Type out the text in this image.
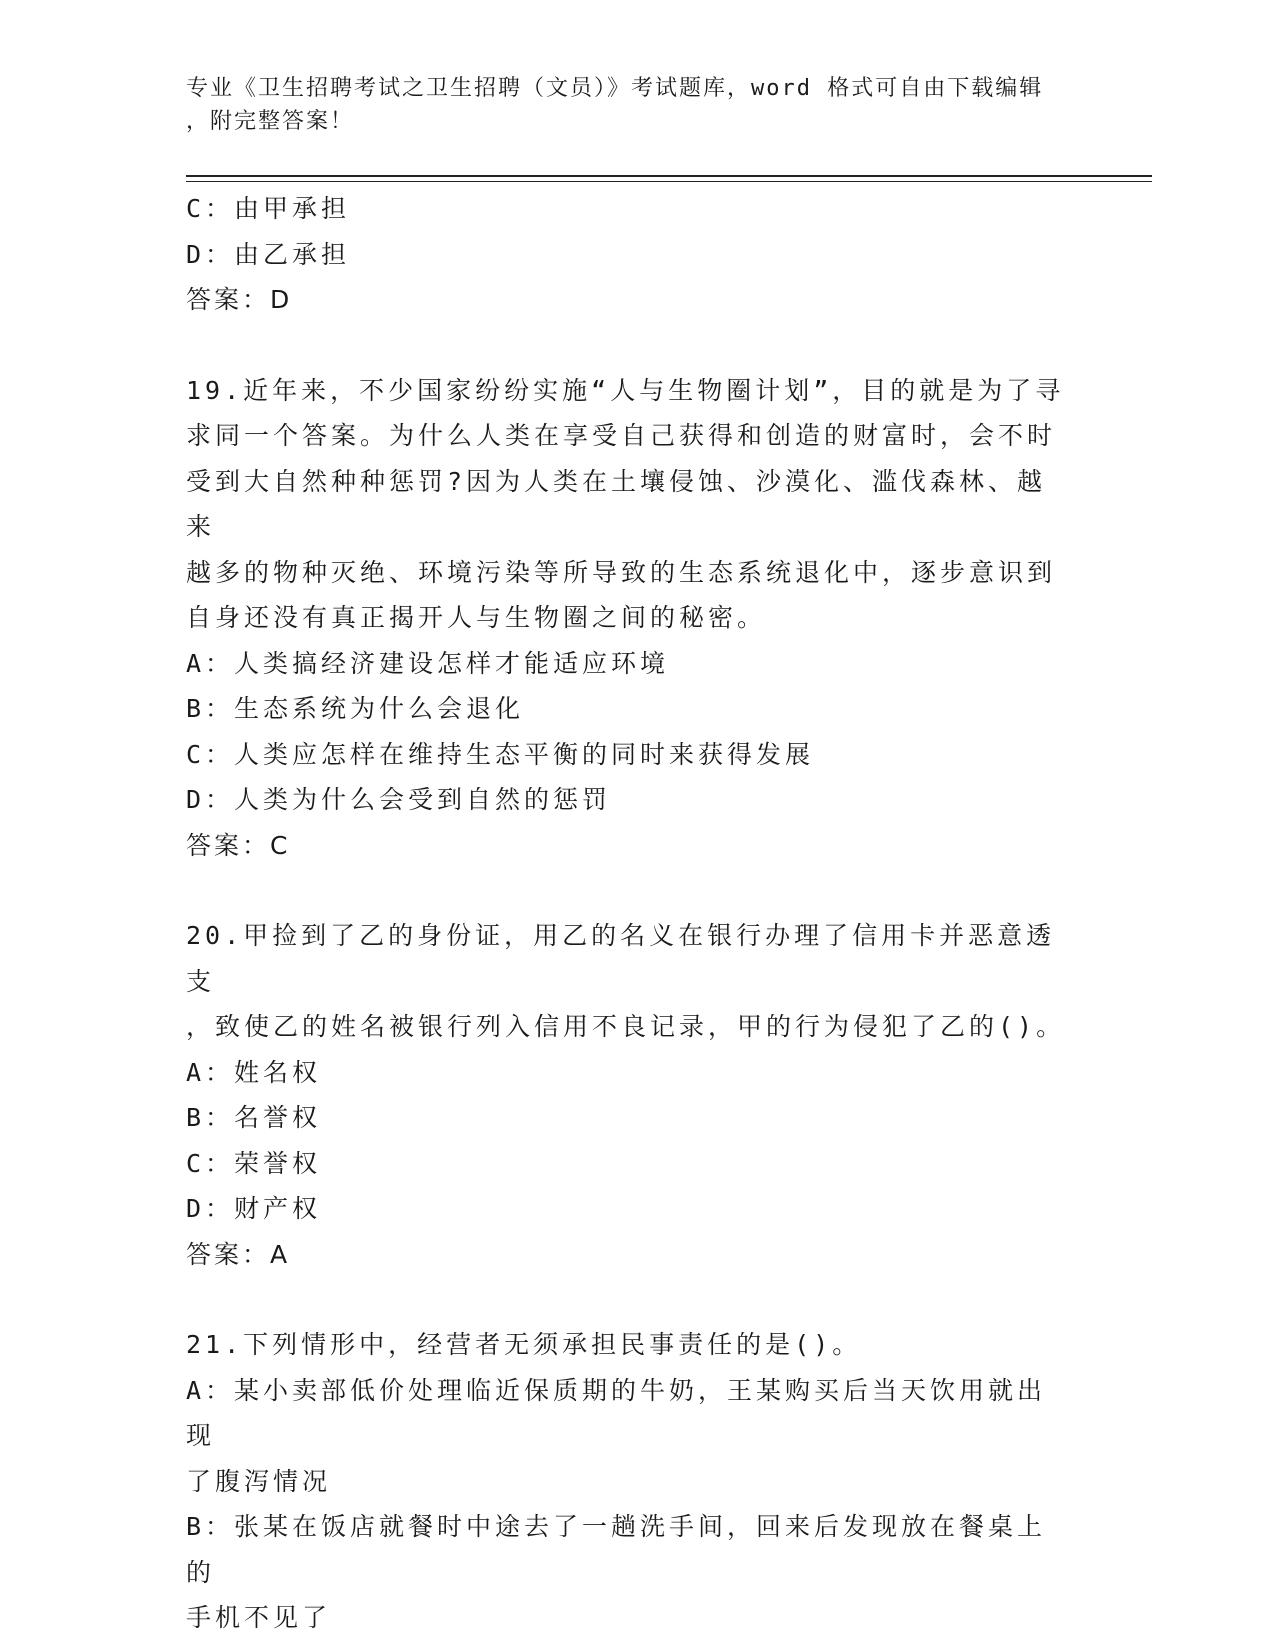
专业《卫生招聘考试之卫生招聘（文员）》考试题库，word 格式可自由下载编辑
，附完整答案！
C：由甲承担
D：由乙承担
答案：D
19.近年来，不少国家纷纷实施“人与生物圈计划”，目的就是为了寻
求同一个答案。为什么人类在享受自己获得和创造的财富时，会不时
受到大自然种种惩罚?因为人类在土壤侵蚀、沙漠化、滥伐森林、越来
越多的物种灭绝、环境污染等所导致的生态系统退化中，逐步意识到
自身还没有真正揭开人与生物圈之间的秘密。
A：人类搞经济建设怎样才能适应环境
B：生态系统为什么会退化
C：人类应怎样在维持生态平衡的同时来获得发展
D：人类为什么会受到自然的惩罚
答案：C
20.甲捡到了乙的身份证，用乙的名义在银行办理了信用卡并恶意透支
，致使乙的姓名被银行列入信用不良记录，甲的行为侵犯了乙的()。
A：姓名权
B：名誉权
C：荣誉权
D：财产权
答案：A
21.下列情形中，经营者无须承担民事责任的是()。
A：某小卖部低价处理临近保质期的牛奶，王某购买后当天饮用就出现
了腹泻情况
B：张某在饭店就餐时中途去了一趟洗手间，回来后发现放在餐桌上的
手机不见了
